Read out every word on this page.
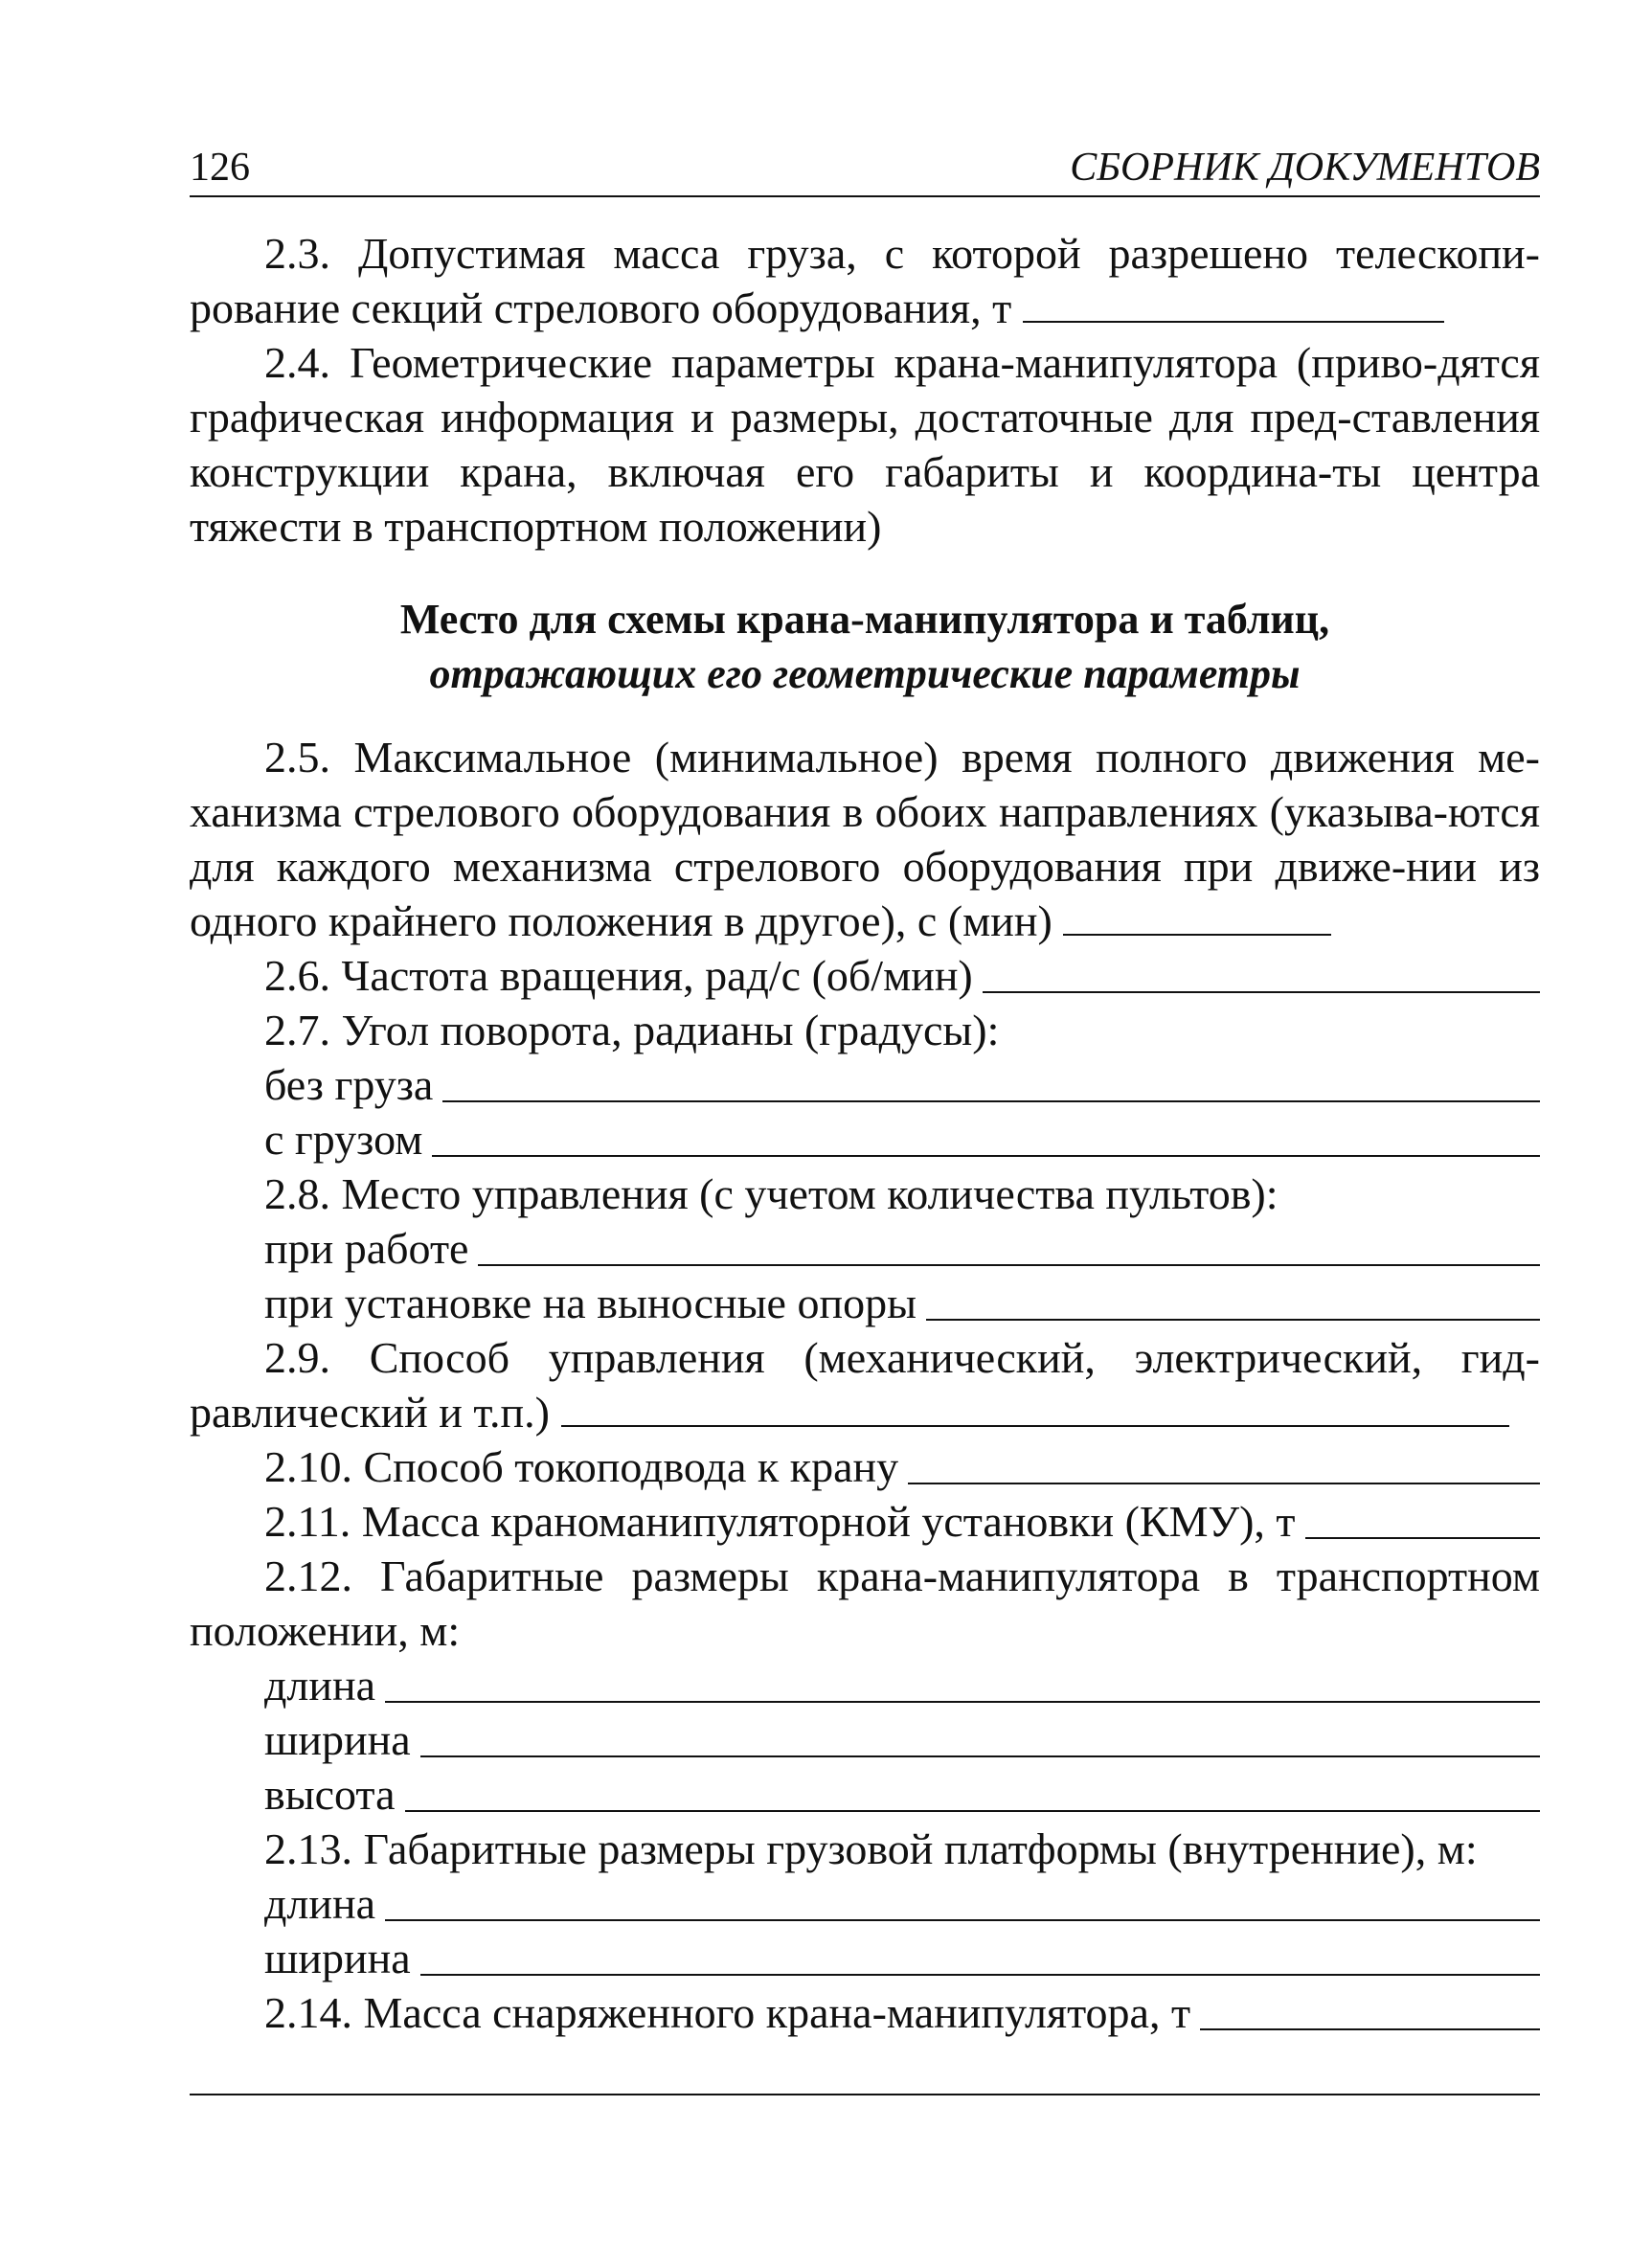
126	СБОРНИК ДОКУМЕНТОВ

2.3. Допустимая масса груза, с которой разрешено телескопи-рование секций стрелового оборудования, т

2.4. Геометрические параметры крана-манипулятора (приво-дятся графическая информация и размеры, достаточные для пред-ставления конструкции крана, включая его габариты и координа-ты центра тяжести в транспортном положении)

Место для схемы крана-манипулятора и таблиц,
отражающих его геометрические параметры

2.5. Максимальное (минимальное) время полного движения ме-ханизма стрелового оборудования в обоих направлениях (указыва-ются для каждого механизма стрелового оборудования при движе-нии из одного крайнего положения в другое), с (мин)

2.6. Частота вращения, рад/с (об/мин)
2.7. Угол поворота, радианы (градусы):
без груза
с грузом
2.8. Место управления (с учетом количества пультов):
при работе
при установке на выносные опоры

2.9. Способ управления (механический, электрический, гид-равлический и т.п.)

2.10. Способ токоподвода к крану
2.11. Масса краноманипуляторной установки (КМУ), т

2.12. Габаритные размеры крана-манипулятора в транспортном положении, м:

длина
ширина
высота
2.13. Габаритные размеры грузовой платформы (внутренние), м:
длина
ширина
2.14. Масса снаряженного крана-манипулятора, т
